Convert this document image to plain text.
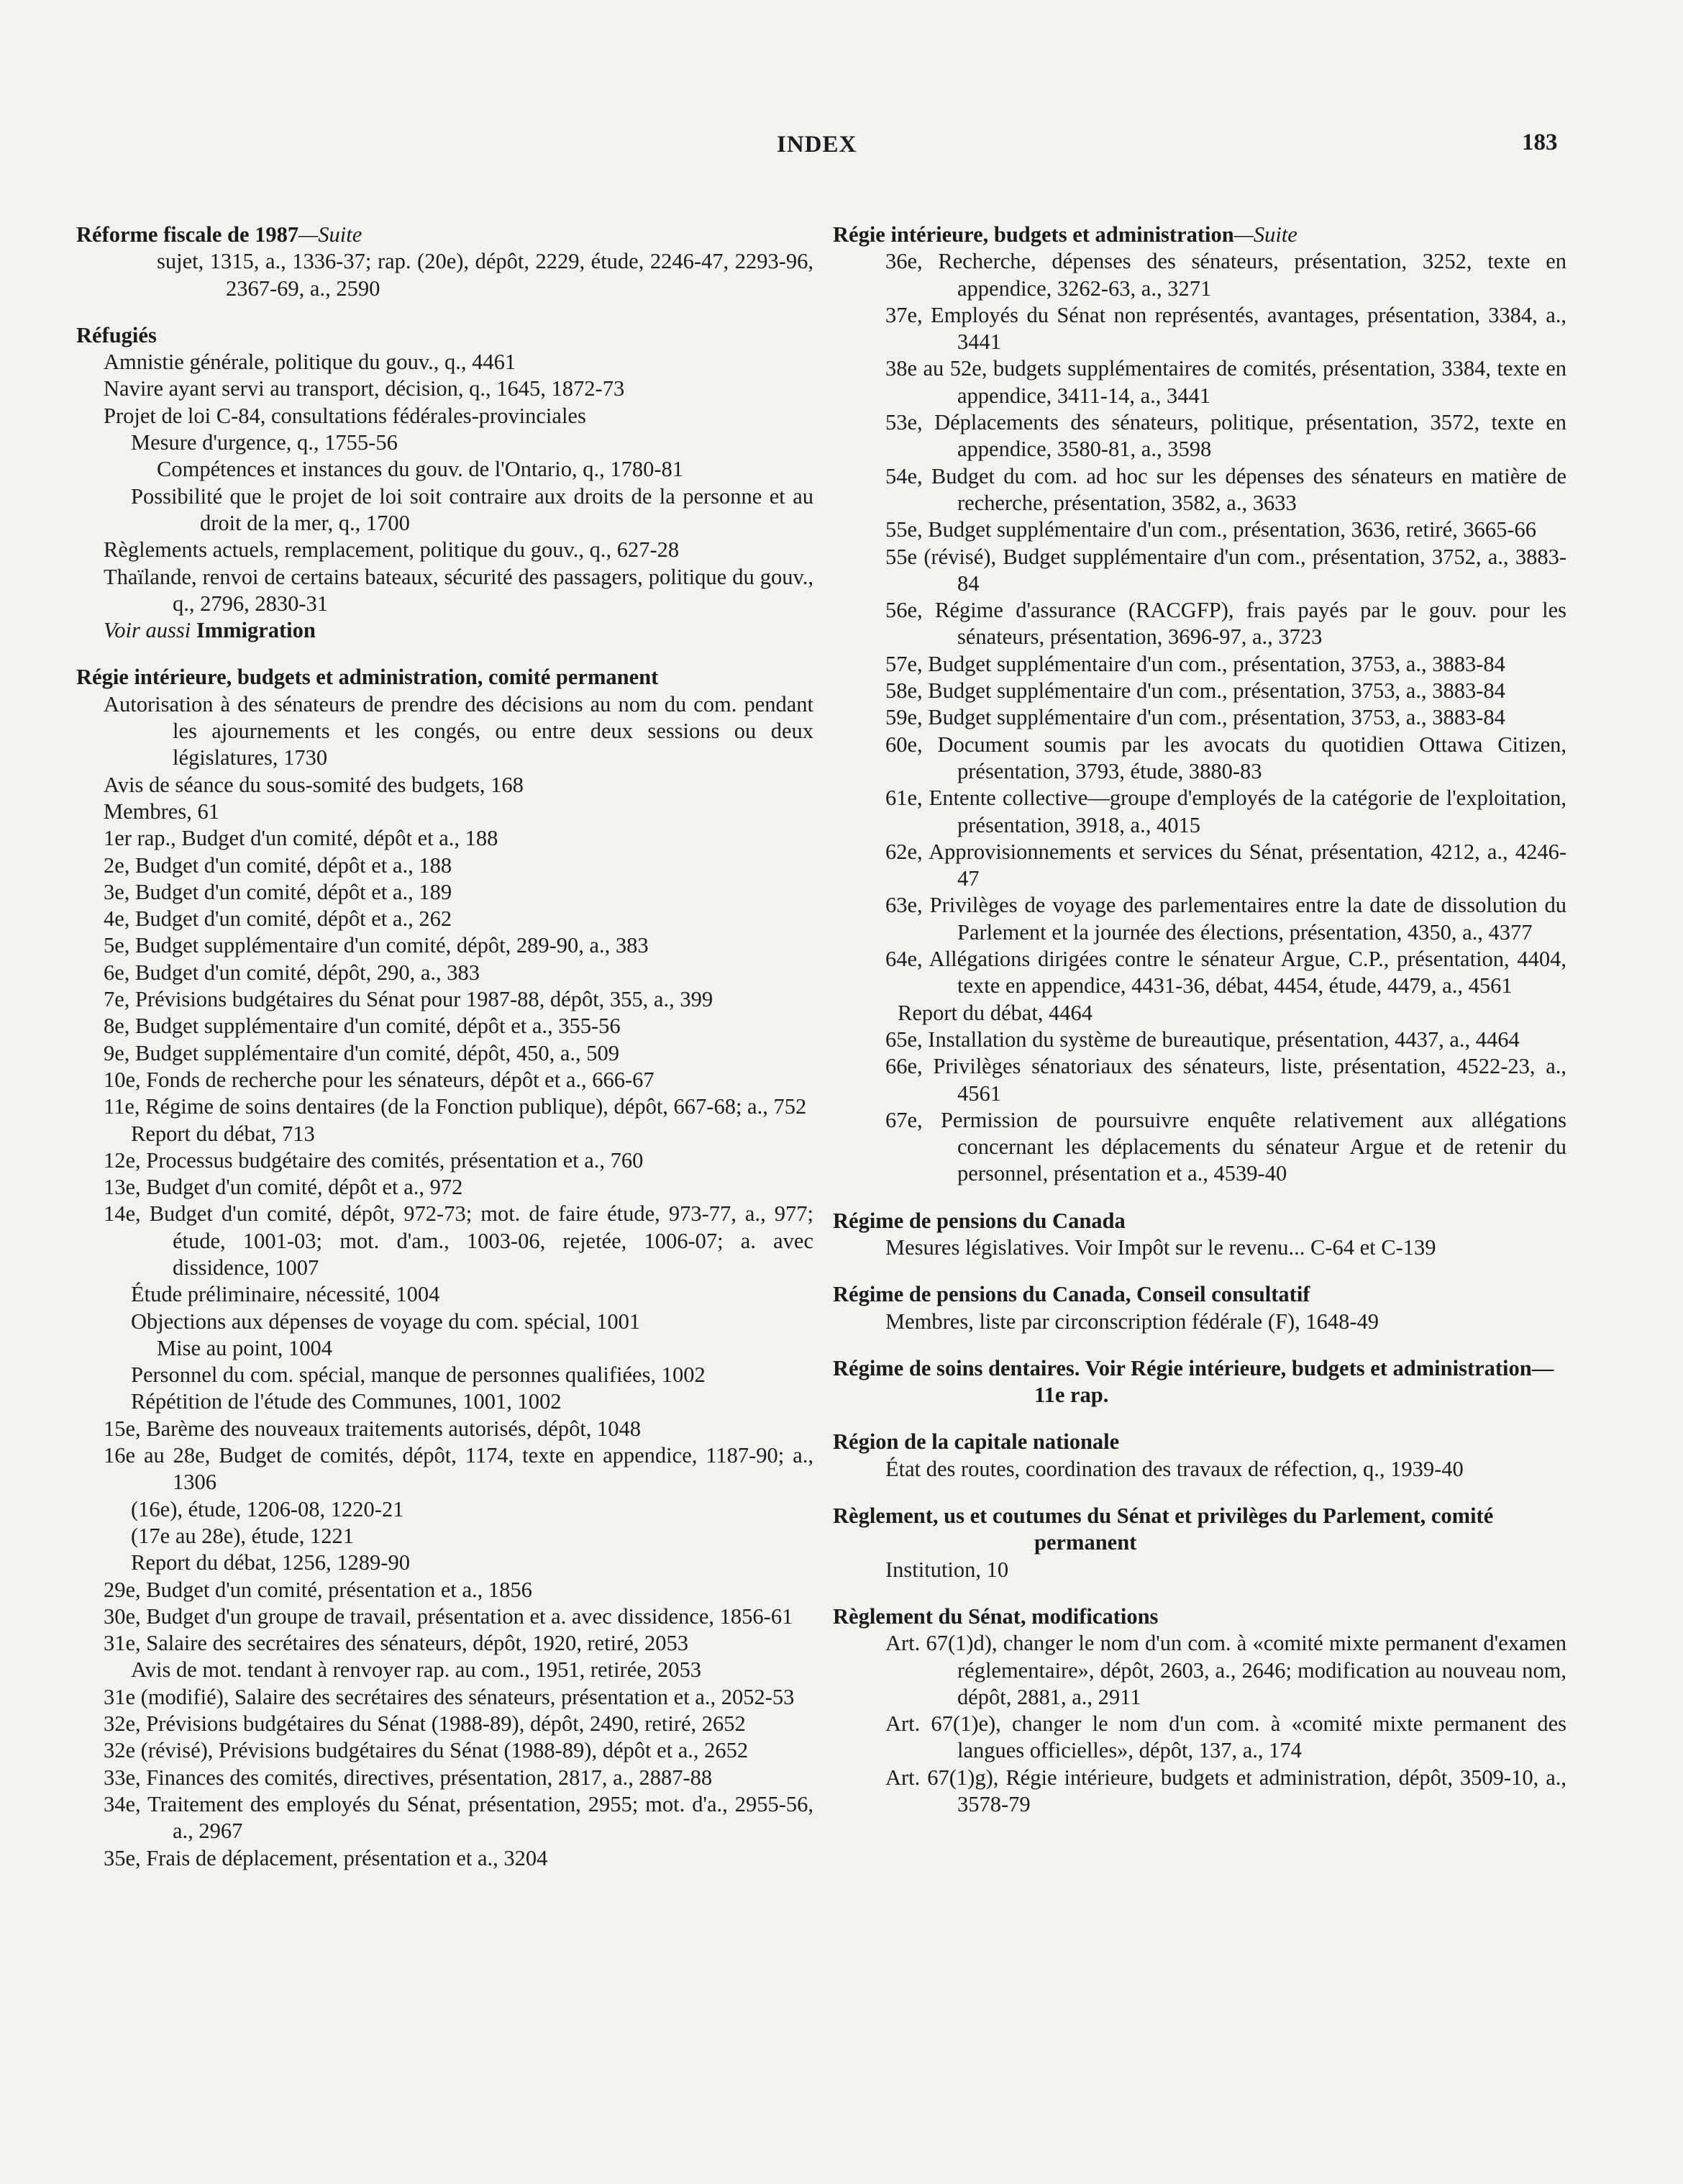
INDEX	183
Réforme fiscale de 1987—Suite
sujet, 1315, a., 1336-37; rap. (20e), dépôt, 2229, étude, 2246-47, 2293-96, 2367-69, a., 2590
Réfugiés
Amnistie générale, politique du gouv., q., 4461
Navire ayant servi au transport, décision, q., 1645, 1872-73
Projet de loi C-84, consultations fédérales-provinciales
Mesure d'urgence, q., 1755-56
Compétences et instances du gouv. de l'Ontario, q., 1780-81
Possibilité que le projet de loi soit contraire aux droits de la personne et au droit de la mer, q., 1700
Règlements actuels, remplacement, politique du gouv., q., 627-28
Thaïlande, renvoi de certains bateaux, sécurité des passagers, politique du gouv., q., 2796, 2830-31
Voir aussi Immigration
Régie intérieure, budgets et administration, comité permanent
Autorisation à des sénateurs de prendre des décisions au nom du com. pendant les ajournements et les congés, ou entre deux sessions ou deux législatures, 1730
Avis de séance du sous-somité des budgets, 168
Membres, 61
1er rap., Budget d'un comité, dépôt et a., 188
2e, Budget d'un comité, dépôt et a., 188
3e, Budget d'un comité, dépôt et a., 189
4e, Budget d'un comité, dépôt et a., 262
5e, Budget supplémentaire d'un comité, dépôt, 289-90, a., 383
6e, Budget d'un comité, dépôt, 290, a., 383
7e, Prévisions budgétaires du Sénat pour 1987-88, dépôt, 355, a., 399
8e, Budget supplémentaire d'un comité, dépôt et a., 355-56
9e, Budget supplémentaire d'un comité, dépôt, 450, a., 509
10e, Fonds de recherche pour les sénateurs, dépôt et a., 666-67
11e, Régime de soins dentaires (de la Fonction publique), dépôt, 667-68; a., 752
Report du débat, 713
12e, Processus budgétaire des comités, présentation et a., 760
13e, Budget d'un comité, dépôt et a., 972
14e, Budget d'un comité, dépôt, 972-73; mot. de faire étude, 973-77, a., 977; étude, 1001-03; mot. d'am., 1003-06, rejetée, 1006-07; a. avec dissidence, 1007
Étude préliminaire, nécessité, 1004
Objections aux dépenses de voyage du com. spécial, 1001
Mise au point, 1004
Personnel du com. spécial, manque de personnes qualifiées, 1002
Répétition de l'étude des Communes, 1001, 1002
15e, Barème des nouveaux traitements autorisés, dépôt, 1048
16e au 28e, Budget de comités, dépôt, 1174, texte en appendice, 1187-90; a., 1306
(16e), étude, 1206-08, 1220-21
(17e au 28e), étude, 1221
Report du débat, 1256, 1289-90
29e, Budget d'un comité, présentation et a., 1856
30e, Budget d'un groupe de travail, présentation et a. avec dissidence, 1856-61
31e, Salaire des secrétaires des sénateurs, dépôt, 1920, retiré, 2053
Avis de mot. tendant à renvoyer rap. au com., 1951, retirée, 2053
31e (modifié), Salaire des secrétaires des sénateurs, présentation et a., 2052-53
32e, Prévisions budgétaires du Sénat (1988-89), dépôt, 2490, retiré, 2652
32e (révisé), Prévisions budgétaires du Sénat (1988-89), dépôt et a., 2652
33e, Finances des comités, directives, présentation, 2817, a., 2887-88
34e, Traitement des employés du Sénat, présentation, 2955; mot. d'a., 2955-56, a., 2967
35e, Frais de déplacement, présentation et a., 3204
Régie intérieure, budgets et administration—Suite
36e, Recherche, dépenses des sénateurs, présentation, 3252, texte en appendice, 3262-63, a., 3271
37e, Employés du Sénat non représentés, avantages, présentation, 3384, a., 3441
38e au 52e, budgets supplémentaires de comités, présentation, 3384, texte en appendice, 3411-14, a., 3441
53e, Déplacements des sénateurs, politique, présentation, 3572, texte en appendice, 3580-81, a., 3598
54e, Budget du com. ad hoc sur les dépenses des sénateurs en matière de recherche, présentation, 3582, a., 3633
55e, Budget supplémentaire d'un com., présentation, 3636, retiré, 3665-66
55e (révisé), Budget supplémentaire d'un com., présentation, 3752, a., 3883-84
56e, Régime d'assurance (RACGFP), frais payés par le gouv. pour les sénateurs, présentation, 3696-97, a., 3723
57e, Budget supplémentaire d'un com., présentation, 3753, a., 3883-84
58e, Budget supplémentaire d'un com., présentation, 3753, a., 3883-84
59e, Budget supplémentaire d'un com., présentation, 3753, a., 3883-84
60e, Document soumis par les avocats du quotidien Ottawa Citizen, présentation, 3793, étude, 3880-83
61e, Entente collective—groupe d'employés de la catégorie de l'exploitation, présentation, 3918, a., 4015
62e, Approvisionnements et services du Sénat, présentation, 4212, a., 4246-47
63e, Privilèges de voyage des parlementaires entre la date de dissolution du Parlement et la journée des élections, présentation, 4350, a., 4377
64e, Allégations dirigées contre le sénateur Argue, C.P., présentation, 4404, texte en appendice, 4431-36, débat, 4454, étude, 4479, a., 4561
Report du débat, 4464
65e, Installation du système de bureautique, présentation, 4437, a., 4464
66e, Privilèges sénatoriaux des sénateurs, liste, présentation, 4522-23, a., 4561
67e, Permission de poursuivre enquête relativement aux allégations concernant les déplacements du sénateur Argue et de retenir du personnel, présentation et a., 4539-40
Régime de pensions du Canada
Mesures législatives. Voir Impôt sur le revenu... C-64 et C-139
Régime de pensions du Canada, Conseil consultatif
Membres, liste par circonscription fédérale (F), 1648-49
Régime de soins dentaires. Voir Régie intérieure, budgets et administration—11e rap.
Région de la capitale nationale
État des routes, coordination des travaux de réfection, q., 1939-40
Règlement, us et coutumes du Sénat et privilèges du Parlement, comité permanent
Institution, 10
Règlement du Sénat, modifications
Art. 67(1)d), changer le nom d'un com. à «comité mixte permanent d'examen réglementaire», dépôt, 2603, a., 2646; modification au nouveau nom, dépôt, 2881, a., 2911
Art. 67(1)e), changer le nom d'un com. à «comité mixte permanent des langues officielles», dépôt, 137, a., 174
Art. 67(1)g), Régie intérieure, budgets et administration, dépôt, 3509-10, a., 3578-79
